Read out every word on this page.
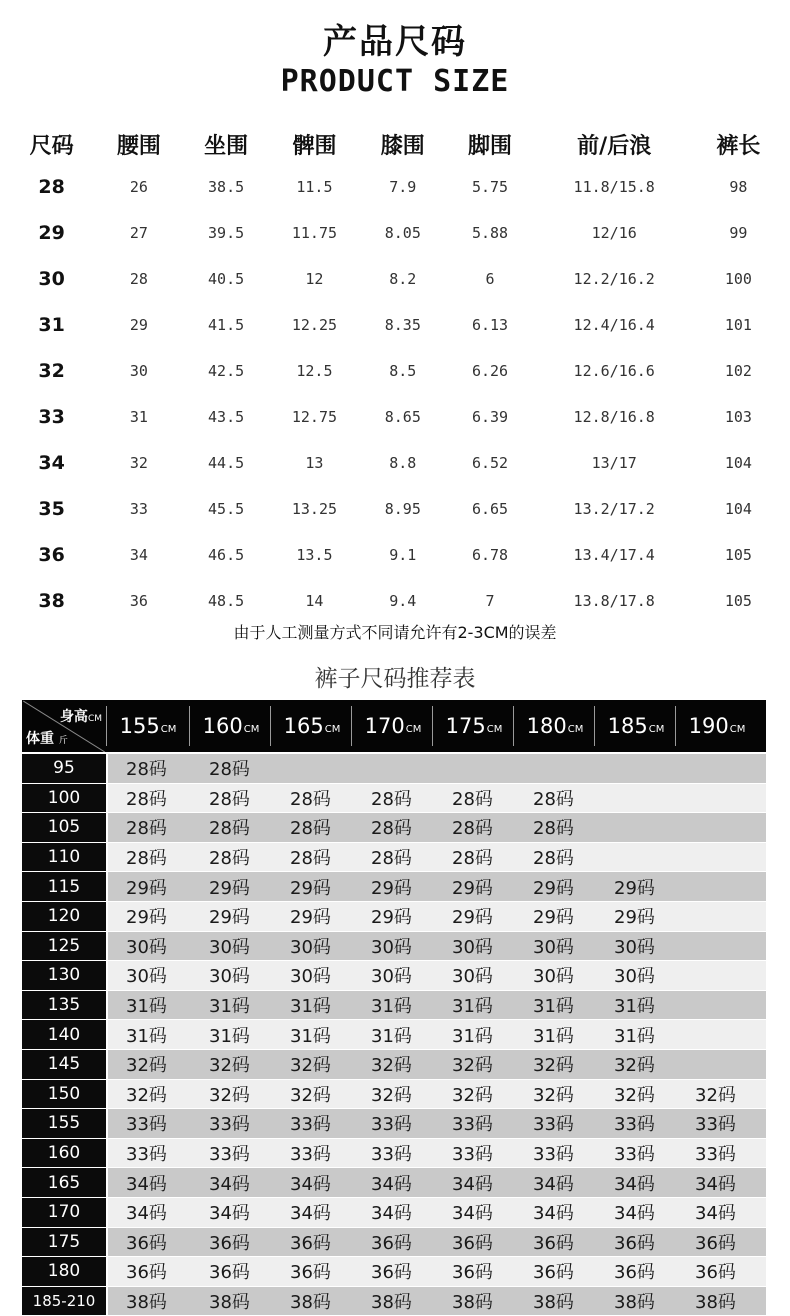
产品尺码
PRODUCT SIZE
尺码	腰围	坐围	髀围	膝围	脚围	前/后浪	裤长
28	26	38.5	11.5	7.9	5.75	11.8/15.8	98
29	27	39.5	11.75	8.05	5.88	12/16	99
30	28	40.5	12	8.2	6	12.2/16.2	100
31	29	41.5	12.25	8.35	6.13	12.4/16.4	101
32	30	42.5	12.5	8.5	6.26	12.6/16.6	102
33	31	43.5	12.75	8.65	6.39	12.8/16.8	103
34	32	44.5	13	8.8	6.52	13/17	104
35	33	45.5	13.25	8.95	6.65	13.2/17.2	104
36	34	46.5	13.5	9.1	6.78	13.4/17.4	105
38	36	48.5	14	9.4	7	13.8/17.8	105
由于人工测量方式不同请允许有2-3CM的误差
裤子尺码推荐表
身高CM
体重 斤
155 CM 160 CM 165 CM 170 CM 175 CM 180 CM 185 CM 190 CM
95	28码 28码
100	28码 28码 28码 28码 28码 28码
105	28码 28码 28码 28码 28码 28码
110	28码 28码 28码 28码 28码 28码
115	29码 29码 29码 29码 29码 29码 29码
120	29码 29码 29码 29码 29码 29码 29码
125	30码 30码 30码 30码 30码 30码 30码
130	30码 30码 30码 30码 30码 30码 30码
135	31码 31码 31码 31码 31码 31码 31码
140	31码 31码 31码 31码 31码 31码 31码
145	32码 32码 32码 32码 32码 32码 32码
150	32码 32码 32码 32码 32码 32码 32码 32码
155	33码 33码 33码 33码 33码 33码 33码 33码
160	33码 33码 33码 33码 33码 33码 33码 33码
165	34码 34码 34码 34码 34码 34码 34码 34码
170	34码 34码 34码 34码 34码 34码 34码 34码
175	36码 36码 36码 36码 36码 36码 36码 36码
180	36码 36码 36码 36码 36码 36码 36码 36码
185-210	38码 38码 38码 38码 38码 38码 38码 38码
